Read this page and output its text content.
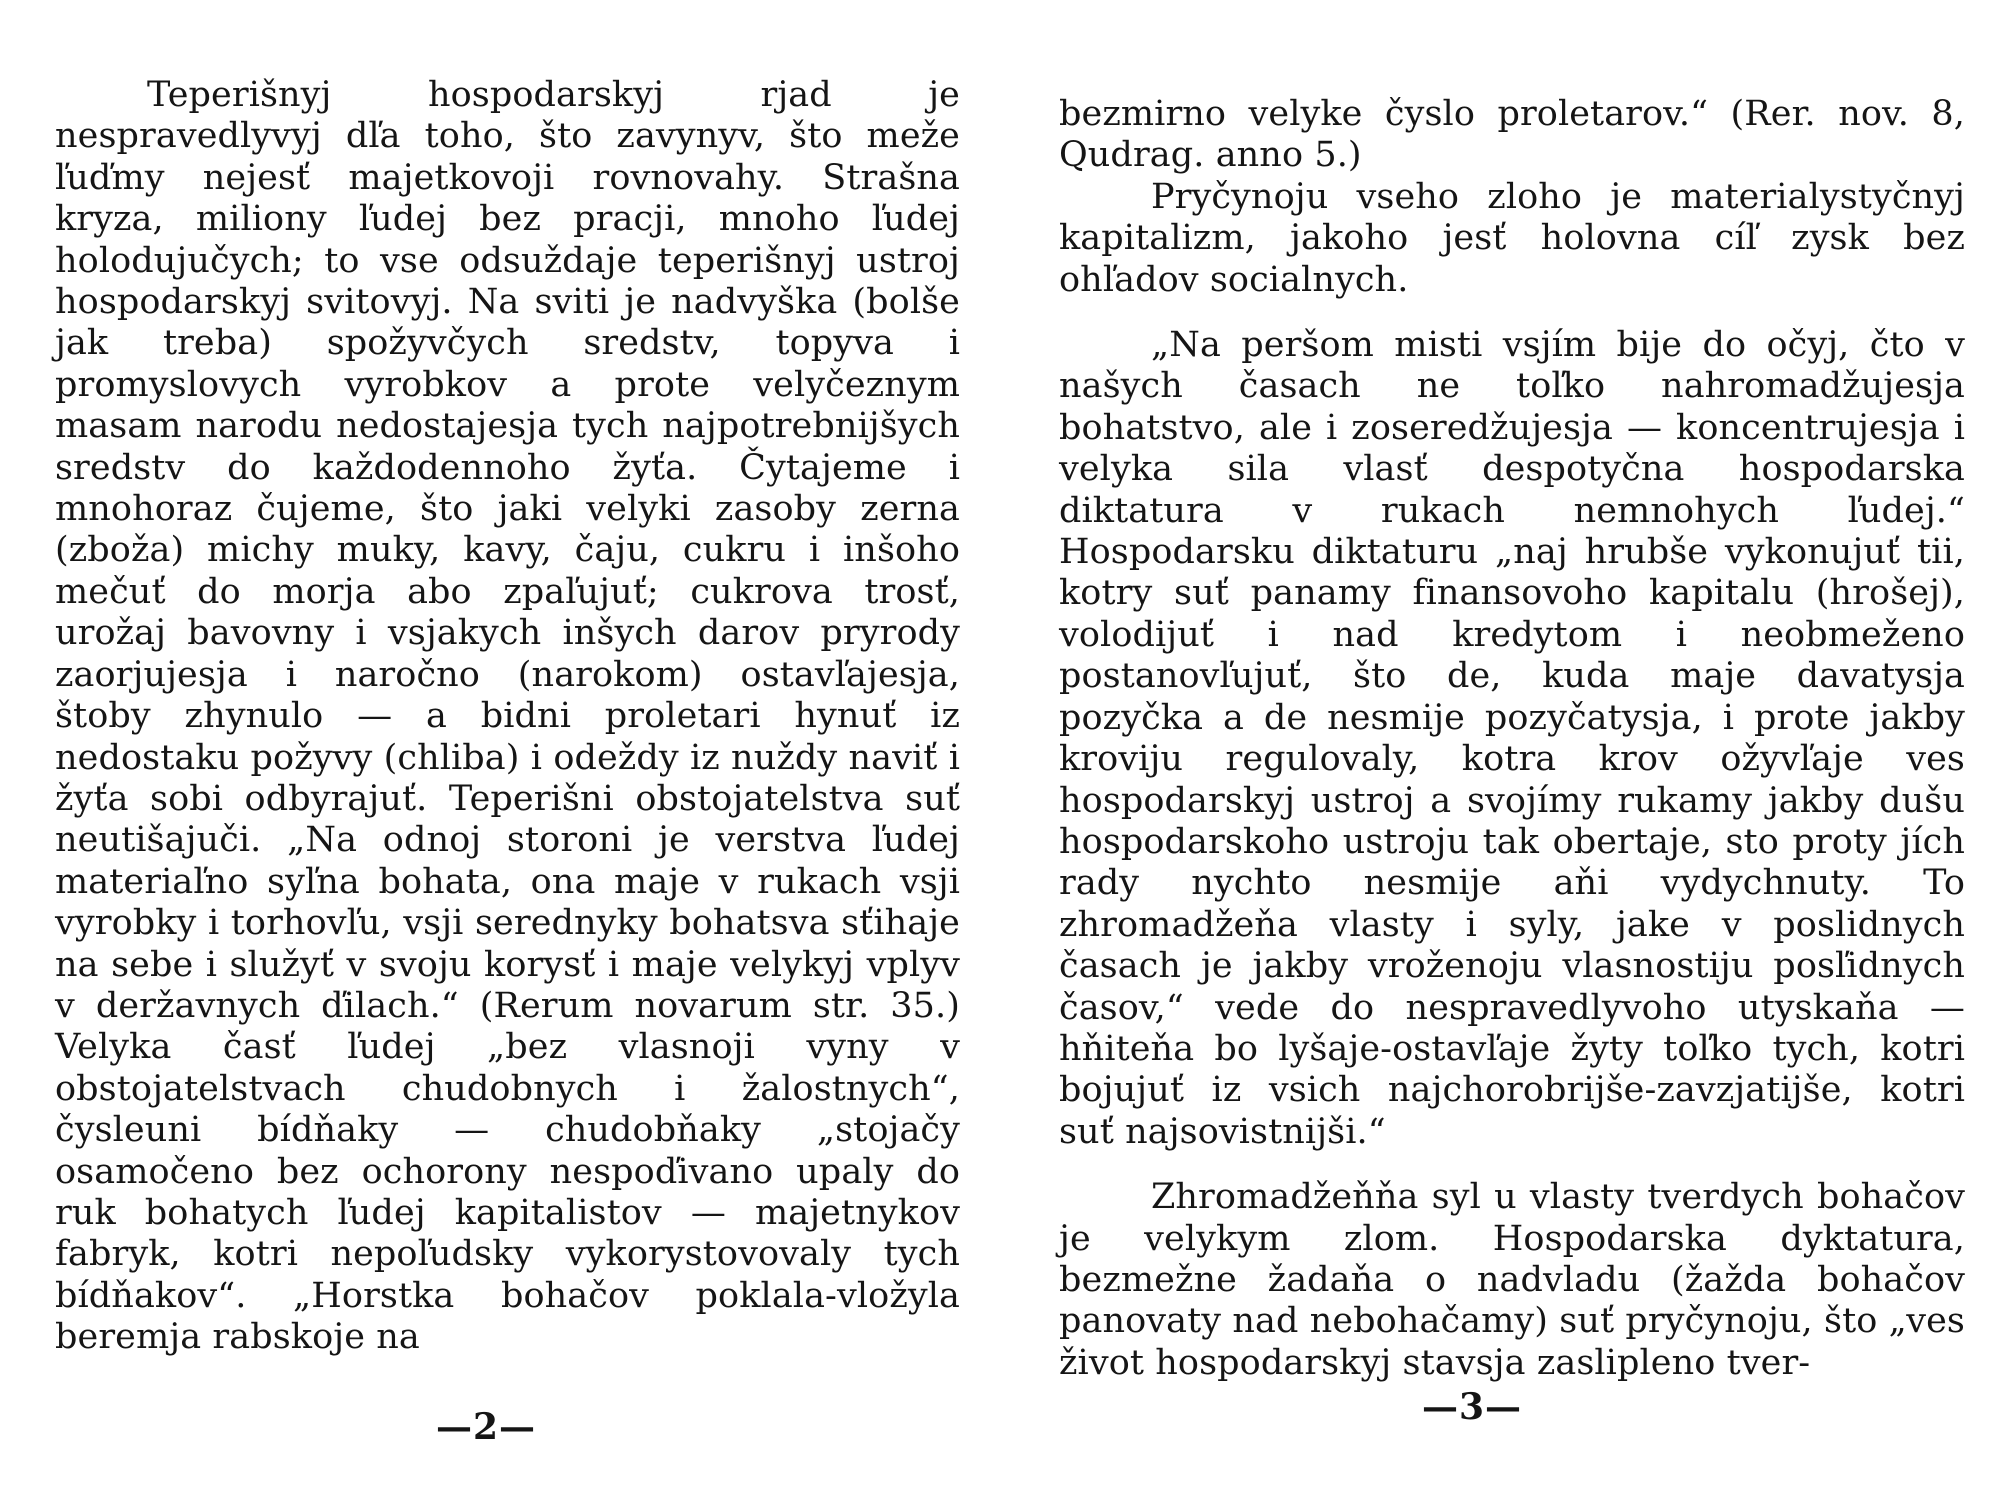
Teperišnyj hospodarskyj rjad je nespravedlyvyj dľa toho, što zavynyv, što meže ľuďmy nejesť majetkovoji rovnovahy. Strašna kryza, miliony ľudej bez pracji, mnoho ľudej holodujučych; to vse odsuždaje teperišnyj ustroj hospodarskyj svitovyj. Na sviti je nadvyška (bolše jak treba) spožyvčych sredstv, topyva i promyslovych vyrobkov a prote velyčeznym masam narodu nedostajesja tych najpotrebnijšych sredstv do každodennoho žyťa. Čytajeme i mnohoraz čujeme, što jaki velyki zasoby zerna (zboža) michy muky, kavy, čaju, cukru i inšoho mečuť do morja abo zpaľujuť; cukrova trosť, urožaj bavovny i vsjakych inšych darov pryrody zaorjujesja i naročno (narokom) ostavľajesja, štoby zhynulo — a bidni proletari hynuť iz nedostaku požyvy (chliba) i odeždy iz nuždy naviť i žyťa sobi odbyrajuť. Teperišni obstojatelstva suť neutišajuči. „Na odnoj storoni je verstva ľudej materiaľno syľna bohata, ona maje v rukach vsji vyrobky i torhovľu, vsji serednyky bohatsva sťihaje na sebe i služyť v svoju korysť i maje velykyj vplyv v deržavnych ďilach.“ (Rerum novarum str. 35.) Velyka časť ľudej „bez vlasnoji vyny v obstojatelstvach chudobnych i žalostnych“, čysleuni bídňaky — chudobňaky „stojačy osamočeno bez ochorony nespoďivano upaly do ruk bohatych ľudej kapitalistov — majetnykov fabryk, kotri nepoľudsky vykorystovovaly tych bídňakov“. „Horstka bohačov poklala-vložyla beremja rabskoje na

—2—

bezmirno velyke čyslo proletarov.“ (Rer. nov. 8, Qudrag. anno 5.)

Pryčynoju vseho zloho je materialystyčnyj kapitalizm, jakoho jesť holovna cíľ zysk bez ohľadov socialnych.

„Na peršom misti vsjím bije do očyj, čto v našych časach ne toľko nahromadžujesja bohatstvo, ale i zoseredžujesja — koncentrujesja i velyka sila vlasť despotyčna hospodarska diktatura v rukach nemnohych ľudej.“ Hospodarsku diktaturu „naj hrubše vykonujuť tii, kotry suť panamy finansovoho kapitalu (hrošej), volodijuť i nad kredytom i neobmeženo postanovľujuť, što de, kuda maje davatysja pozyčka a de nesmije pozyčatysja, i prote jakby kroviju regulovaly, kotra krov ožyvľaje ves hospodarskyj ustroj a svojímy rukamy jakby dušu hospodarskoho ustroju tak obertaje, sto proty jích rady nychto nesmije aňi vydychnuty. To zhromadžeňa vlasty i syly, jake v poslidnych časach je jakby vroženoju vlasnostiju posľidnych časov,“ vede do nespravedlyvoho utyskaňa — hňiteňa bo lyšaje-ostavľaje žyty toľko tych, kotri bojujuť iz vsich najchorobrijše-zavzjatijše, kotri suť najsovistnijši.“

Zhromadžeňňa syl u vlasty tverdych bohačov je velykym zlom. Hospodarska dyktatura, bezmežne žadaňa o nadvladu (žažda bohačov panovaty nad nebohačamy) suť pryčynoju, što „ves život hospodarskyj stavsja zaslipleno tver-

—3—
